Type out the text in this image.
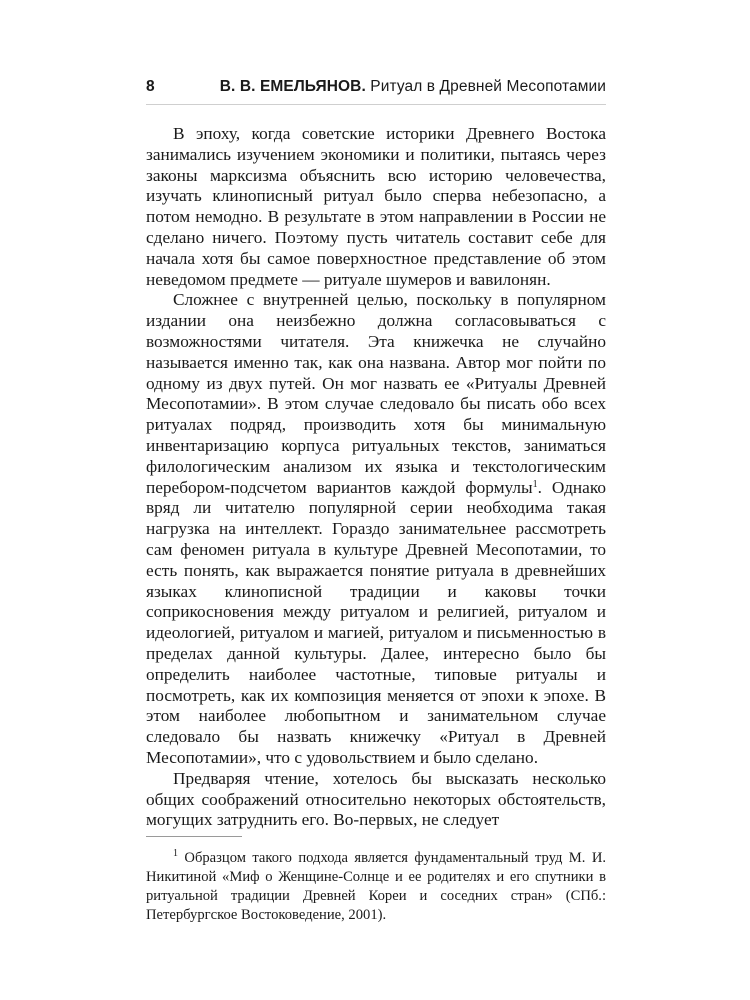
8	В. В. ЕМЕЛЬЯНОВ. Ритуал в Древней Месопотамии

В эпоху, когда советские историки Древнего Востока занимались изучением экономики и политики, пытаясь через законы марксизма объяснить всю историю человечества, изучать клинописный ритуал было сперва небезопасно, а потом немодно. В результате в этом направлении в России не сделано ничего. Поэтому пусть читатель составит себе для начала хотя бы самое поверхностное представление об этом неведомом предмете — ритуале шумеров и вавилонян.

Сложнее с внутренней целью, поскольку в популярном издании она неизбежно должна согласовываться с возможностями читателя. Эта книжечка не случайно называется именно так, как она названа. Автор мог пойти по одному из двух путей. Он мог назвать ее «Ритуалы Древней Месопотамии». В этом случае следовало бы писать обо всех ритуалах подряд, производить хотя бы минимальную инвентаризацию корпуса ритуальных текстов, заниматься филологическим анализом их языка и текстологическим перебором-подсчетом вариантов каждой формулы$^1$. Однако вряд ли читателю популярной серии необходима такая нагрузка на интеллект. Гораздо занимательнее рассмотреть сам феномен ритуала в культуре Древней Месопотамии, то есть понять, как выражается понятие ритуала в древнейших языках клинописной традиции и каковы точки соприкосновения между ритуалом и религией, ритуалом и идеологией, ритуалом и магией, ритуалом и письменностью в пределах данной культуры. Далее, интересно было бы определить наиболее частотные, типовые ритуалы и посмотреть, как их композиция меняется от эпохи к эпохе. В этом наиболее любопытном и занимательном случае следовало бы назвать книжечку «Ритуал в Древней Месопотамии», что с удовольствием и было сделано.

Предваряя чтение, хотелось бы высказать несколько общих соображений относительно некоторых обстоятельств, могущих затруднить его. Во-первых, не следует

$^1$ Образцом такого подхода является фундаментальный труд М. И. Никитиной «Миф о Женщине-Солнце и ее родителях и его спутники в ритуальной традиции Древней Кореи и соседних стран» (СПб.: Петербургское Востоковедение, 2001).
